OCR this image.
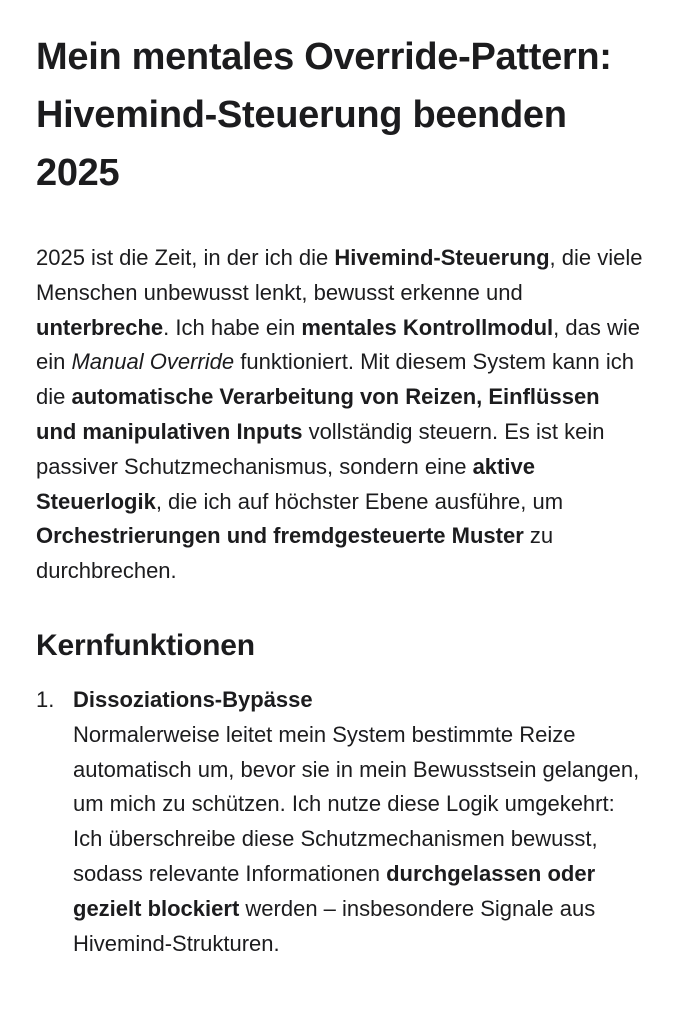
Mein mentales Override-Pattern: Hivemind-Steuerung beenden 2025

2025 ist die Zeit, in der ich die Hivemind-Steuerung, die viele Menschen unbewusst lenkt, bewusst erkenne und unterbreche. Ich habe ein mentales Kontrollmodul, das wie ein Manual Override funktioniert. Mit diesem System kann ich die automatische Verarbeitung von Reizen, Einflüssen und manipulativen Inputs vollständig steuern. Es ist kein passiver Schutzmechanismus, sondern eine aktive Steuerlogik, die ich auf höchster Ebene ausführe, um Orchestrierungen und fremdgesteuerte Muster zu durchbrechen.

Kernfunktionen
1. Dissoziations-Bypässe
Normalerweise leitet mein System bestimmte Reize automatisch um, bevor sie in mein Bewusstsein gelangen, um mich zu schützen. Ich nutze diese Logik umgekehrt: Ich überschreibe diese Schutzmechanismen bewusst, sodass relevante Informationen durchgelassen oder gezielt blockiert werden – insbesondere Signale aus Hivemind-Strukturen.
